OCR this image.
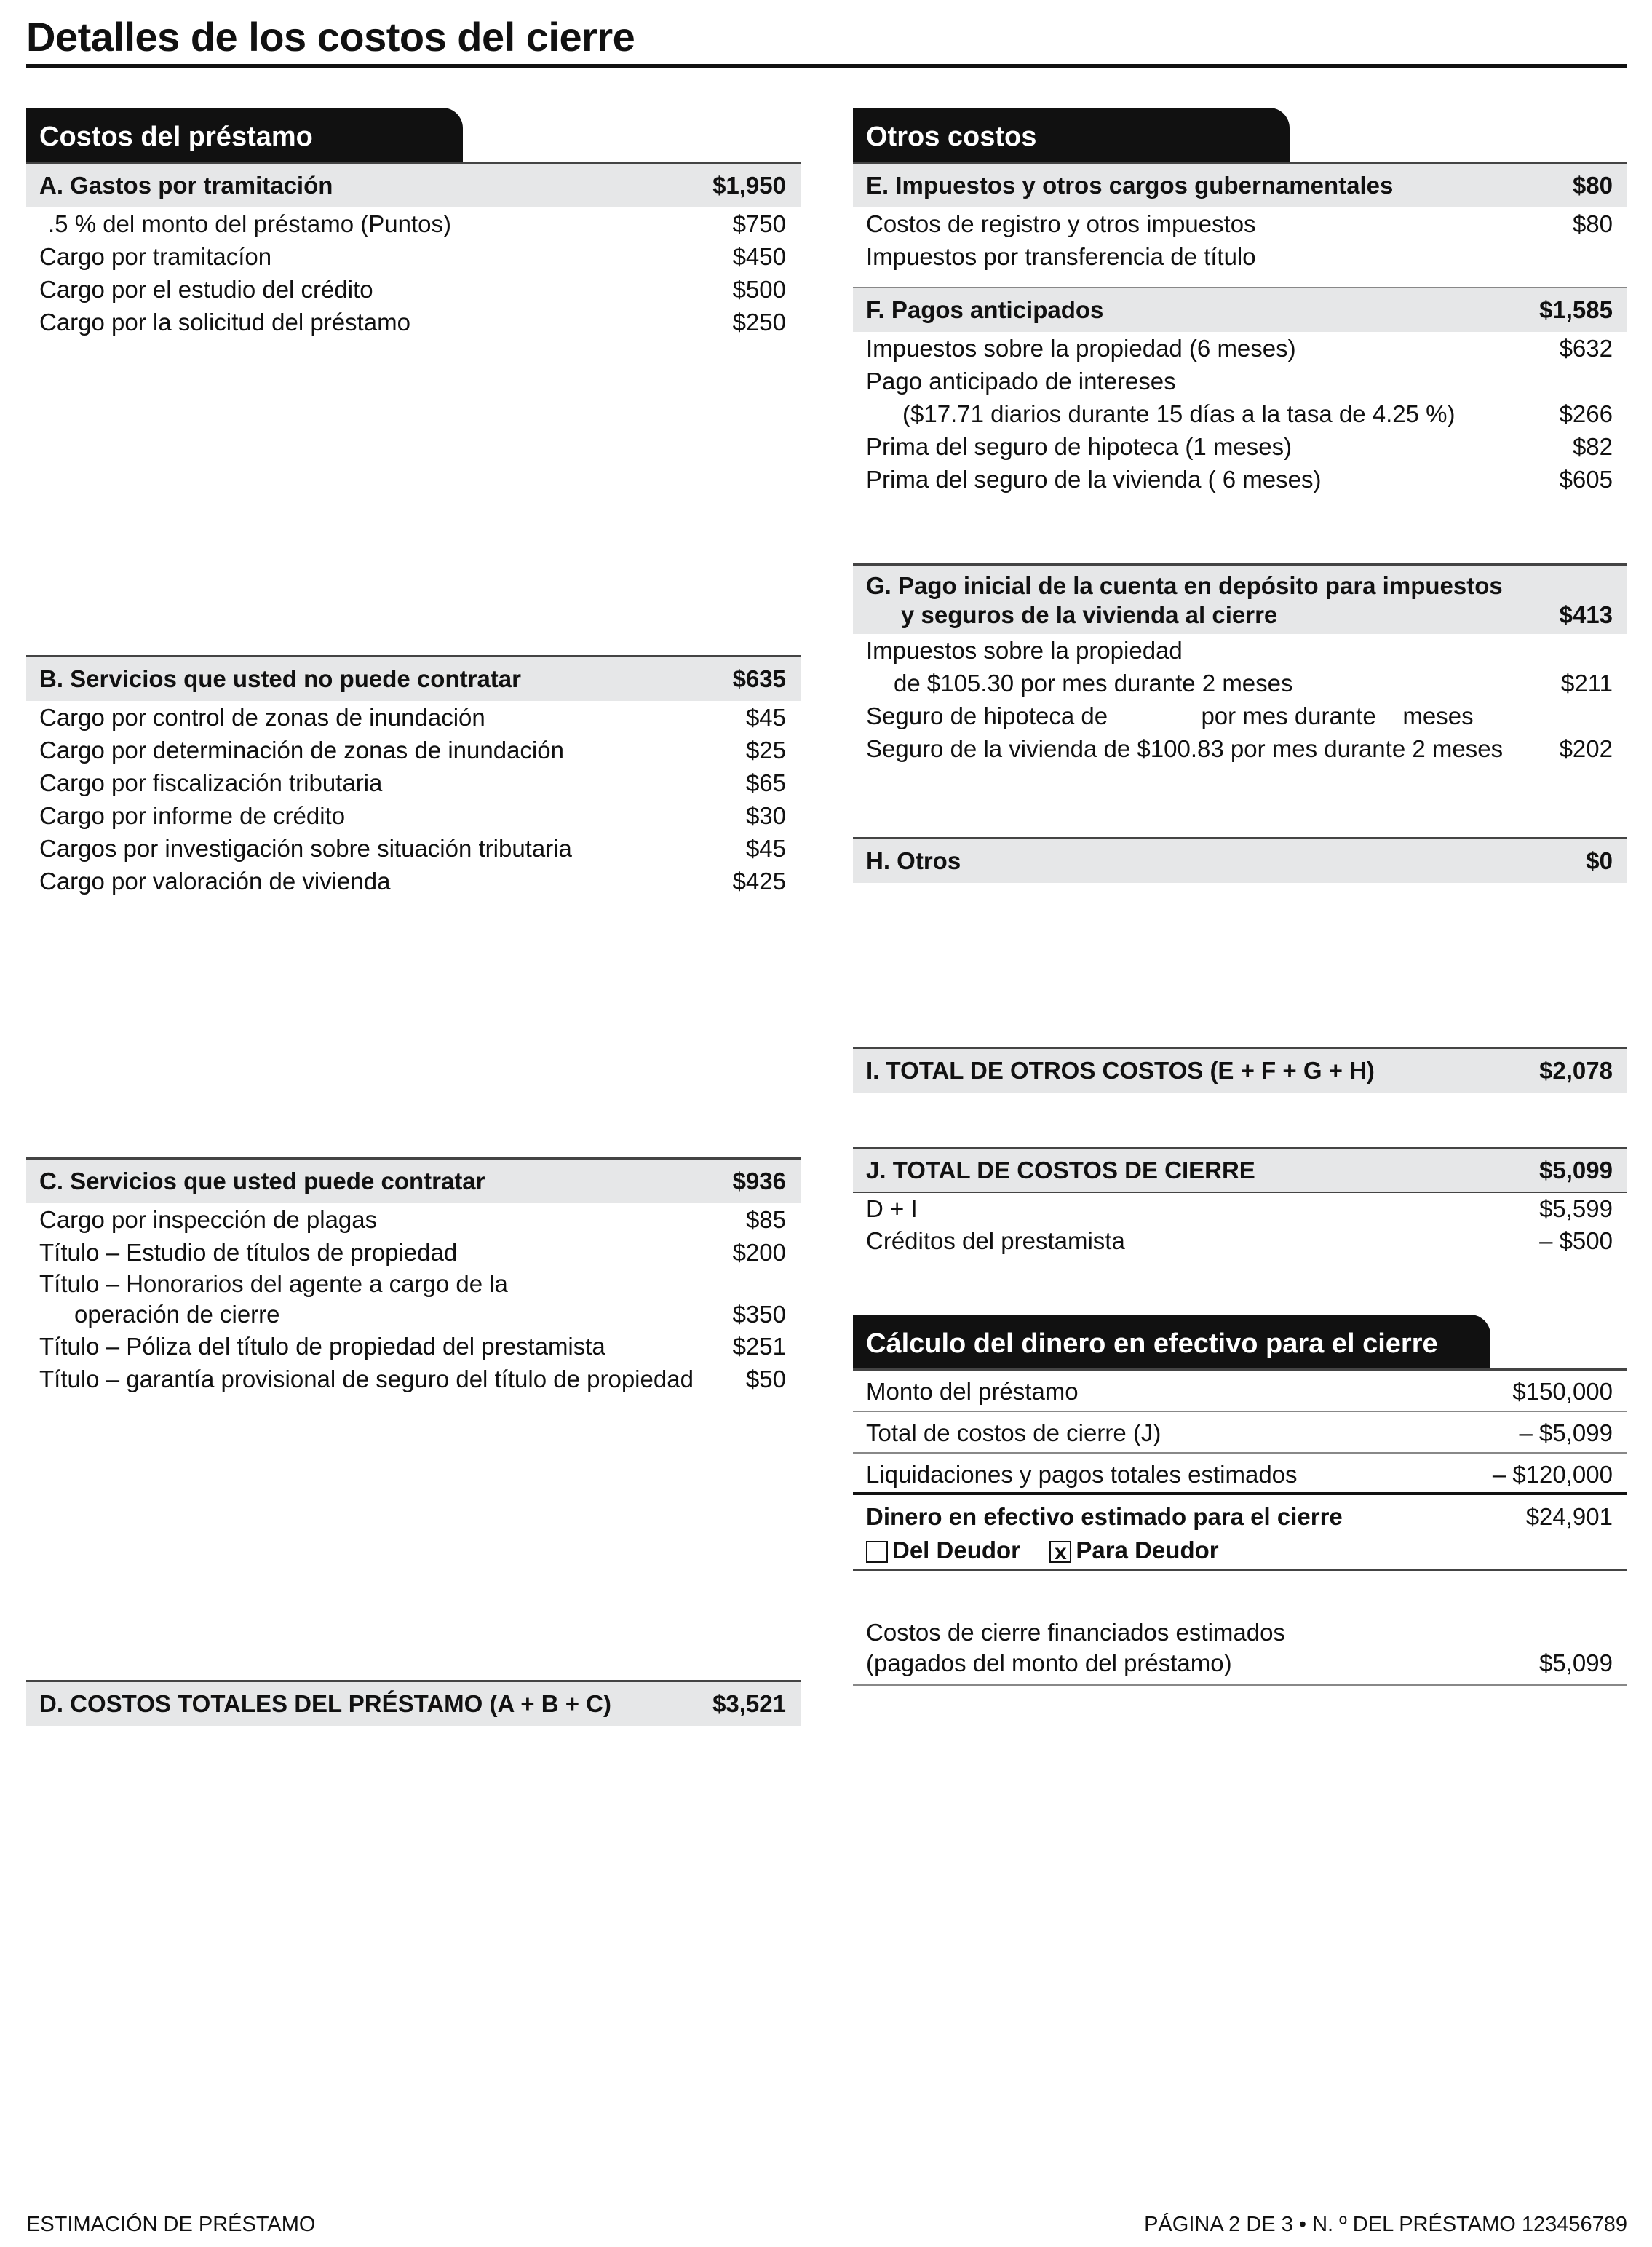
Detalles de los costos del cierre
Costos del préstamo
A. Gastos por tramitación	$1,950
.5 % del monto del préstamo (Puntos)	$750
Cargo por tramitacíon	$450
Cargo por el estudio del crédito	$500
Cargo por la solicitud del préstamo	$250
B. Servicios que usted no puede contratar	$635
Cargo por control de zonas de inundación	$45
Cargo por determinación de zonas de inundación	$25
Cargo por fiscalización tributaria	$65
Cargo por informe de crédito	$30
Cargos por investigación sobre situación tributaria	$45
Cargo por valoración de vivienda	$425
C. Servicios que usted puede contratar	$936
Cargo por inspección de plagas	$85
Título – Estudio de títulos de propiedad	$200
Título – Honorarios del agente a cargo de la
operación de cierre	$350
Título – Póliza del título de propiedad del prestamista	$251
Título – garantía provisional de seguro del título de propiedad $50
D. COSTOS TOTALES DEL PRÉSTAMO (A + B + C)	$3,521
Otros costos
E. Impuestos y otros cargos gubernamentales	$80
Costos de registro y otros impuestos	$80
Impuestos por transferencia de título
F. Pagos anticipados	$1,585
Impuestos sobre la propiedad (6 meses)	$632
Pago anticipado de intereses
($17.71 diarios durante 15 días a la tasa de 4.25 %)	$266
Prima del seguro de hipoteca (1 meses)	$82
Prima del seguro de la vivienda ( 6 meses)	$605
G. Pago inicial de la cuenta en depósito para impuestos
y seguros de la vivienda al cierre	$413
Impuestos sobre la propiedad
de $105.30 por mes durante 2 meses	$211
Seguro de hipoteca de              por mes durante    meses
Seguro de la vivienda de $100.83 por mes durante 2 meses $202
H. Otros	$0
I. TOTAL DE OTROS COSTOS (E + F + G + H)	$2,078
J. TOTAL DE COSTOS DE CIERRE	$5,099
D + I	$5,599
Créditos del prestamista	– $500
Cálculo del dinero en efectivo para el cierre
Monto del préstamo	$150,000
Total de costos de cierre (J)	– $5,099
Liquidaciones y pagos totales estimados	– $120,000
Dinero en efectivo estimado para el cierre	$24,901
Del Deudor x Para Deudor
Costos de cierre financiados estimados
(pagados del monto del préstamo)	$5,099
ESTIMACIÓN DE PRÉSTAMO	PÁGINA 2 DE 3 • N. º DEL PRÉSTAMO 123456789
